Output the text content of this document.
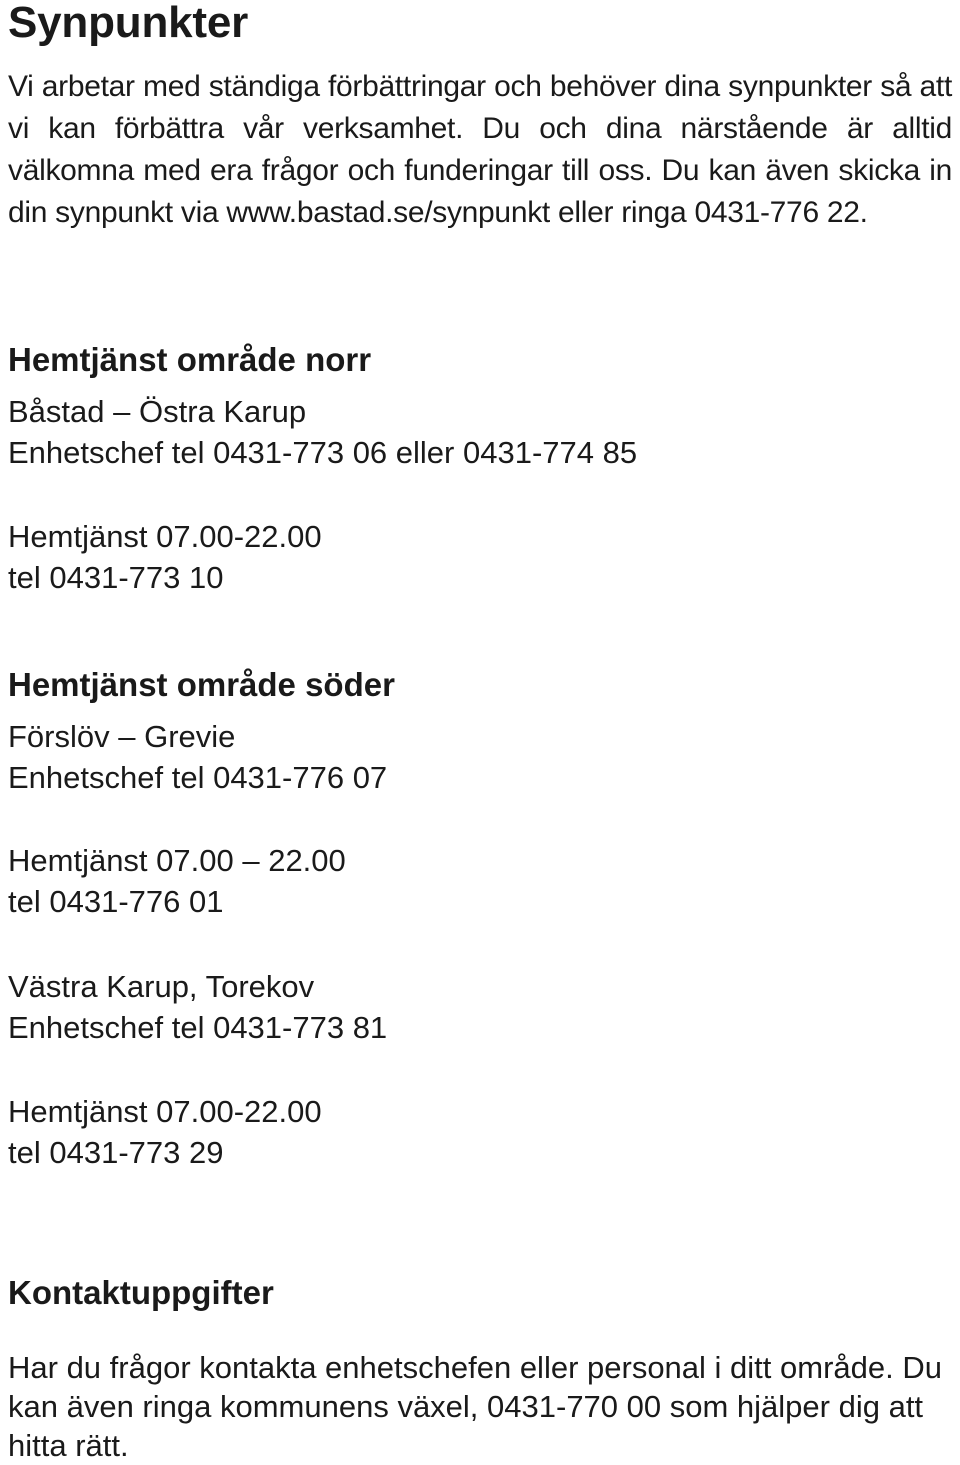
Synpunkter

Vi arbetar med ständiga förbättringar och behöver dina synpunkter så att vi kan förbättra vår verksamhet. Du och dina närstående är alltid välkomna med era frågor och funderingar till oss. Du kan även skicka in din synpunkt via www.bastad.se/synpunkt eller ringa 0431-776 22.

Hemtjänst område norr
Båstad – Östra Karup
Enhetschef tel 0431-773 06 eller 0431-774 85
Hemtjänst 07.00-22.00
tel 0431-773 10
Hemtjänst område söder
Förslöv – Grevie
Enhetschef tel 0431-776 07
Hemtjänst 07.00 – 22.00
tel 0431-776 01
Västra Karup, Torekov
Enhetschef tel 0431-773 81
Hemtjänst 07.00-22.00
tel 0431-773 29
Kontaktuppgifter

Har du frågor kontakta enhetschefen eller personal i ditt område. Du kan även ringa kommunens växel, 0431-770 00 som hjälper dig att hitta rätt.
